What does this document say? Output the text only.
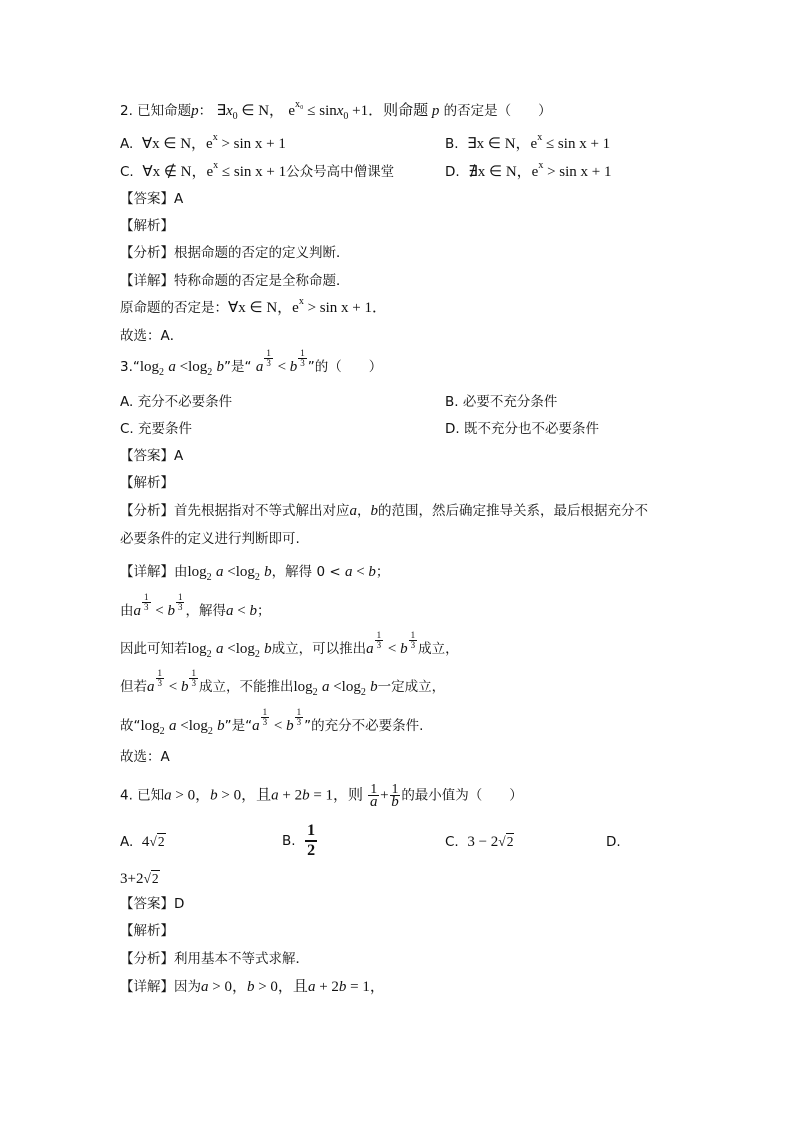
2. 已知命题p： $\exists x_0$ ∈ N， $e^{x_0} \le \sin x_0 +1$．则命题 p 的否定是（　　）
A. ∀x ∈ N，$e^x > \sin x + 1$	B. ∃x ∈ N，$e^x \le \sin x + 1$
C. ∀x ∉ N，$e^x \le \sin x + 1$公众号高中僧课堂	D. ∄x ∈ N，$e^x > \sin x + 1$
【答案】A
【解析】
【分析】根据命题的否定的定义判断．
【详解】特称命题的否定是全称命题．
原命题的否定是：∀x ∈ N，$e^x > \sin x + 1$．
故选：A．
$3.“\log_2$ $a <\log_2$ b”是“ a $\frac{1}{3} < b \frac{1}{3}$ ”的（　　）
A. 充分不必要条件	B. 必要不充分条件
C. 充要条件	D. 既不充分也不必要条件
【答案】A
【解析】
【分析】首先根据指对不等式解出对应a，b的范围，然后确定推导关系，最后根据充分不
必要条件的定义进行判断即可.
【详解】由$\log_2 a <\log_2$ b，解得 0 < a < b；
由a $\frac{1}{3} < b \frac{1}{3}$ ，解得a < b；
因此可知若$\log_2 a <\log_2$ b成立，可以推出a $\frac{1}{3} < b \frac{1}{3}$ 成立，
但若a $\frac{1}{3} < b \frac{1}{3}$ 成立，不能推出$\log_2 a <\log_2$ b一定成立，
故“$\log_2$ $a <\log_2$ b”是“$a \frac{1}{3} < b \frac{1}{3}$ ”的充分不必要条件.
故选：A
4. 已知a > 0，b > 0，且a + 2b = 1，则 $\frac{1}{a} + \frac{1}{b}$ 的最小值为（　　）
A. 4√2	B. $\frac{1}{2}$	C. 3 − 2√2	D.
3+2√2
【答案】D
【解析】
【分析】利用基本不等式求解．
【详解】因为a > 0，b > 0，且a + 2b = 1，
